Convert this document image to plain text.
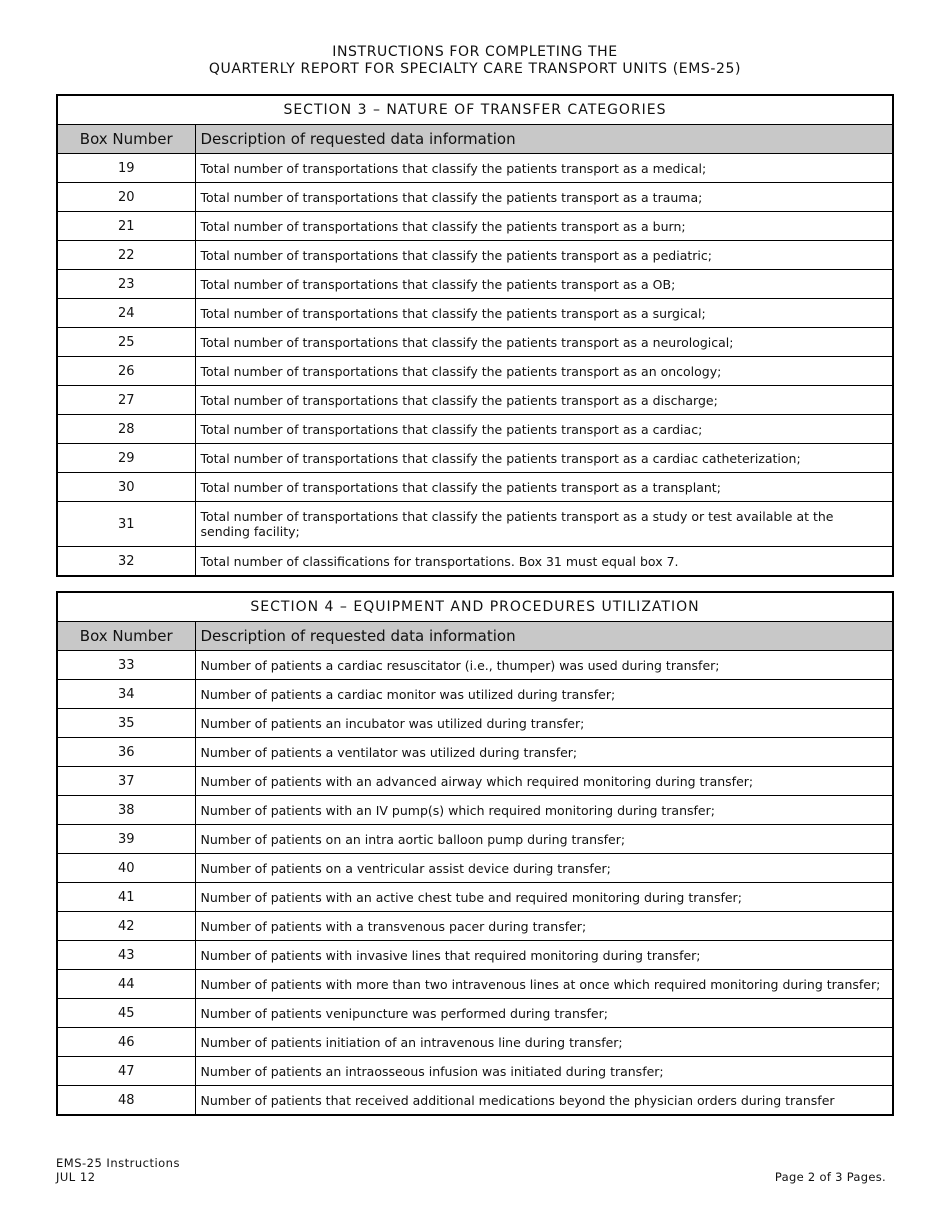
INSTRUCTIONS FOR COMPLETING THE
QUARTERLY REPORT FOR SPECIALTY CARE TRANSPORT UNITS (EMS-25)
SECTION 3 – NATURE OF TRANSFER CATEGORIES	
Box Number	Description of requested data information
19	Total number of transportations that classify the patients transport as a medical;
20	Total number of transportations that classify the patients transport as a trauma;
21	Total number of transportations that classify the patients transport as a burn;
22	Total number of transportations that classify the patients transport as a pediatric;
23	Total number of transportations that classify the patients transport as a OB;
24	Total number of transportations that classify the patients transport as a surgical;
25	Total number of transportations that classify the patients transport as a neurological;
26	Total number of transportations that classify the patients transport as an oncology;
27	Total number of transportations that classify the patients transport as a discharge;
28	Total number of transportations that classify the patients transport as a cardiac;
29	Total number of transportations that classify the patients transport as a cardiac catheterization;
30	Total number of transportations that classify the patients transport as a transplant;
31	Total number of transportations that classify the patients transport as a study or test available at the sending facility;
32	Total number of classifications for transportations. Box 31 must equal box 7.
SECTION 4 – EQUIPMENT AND PROCEDURES UTILIZATION	
Box Number	Description of requested data information
33	Number of patients a cardiac resuscitator (i.e., thumper) was used during transfer;
34	Number of patients a cardiac monitor was utilized during transfer;
35	Number of patients an incubator was utilized during transfer;
36	Number of patients a ventilator was utilized during transfer;
37	Number of patients with an advanced airway which required monitoring during transfer;
38	Number of patients with an IV pump(s) which required monitoring during transfer;
39	Number of patients on an intra aortic balloon pump during transfer;
40	Number of patients on a ventricular assist device during transfer;
41	Number of patients with an active chest tube and required monitoring during transfer;
42	Number of patients with a transvenous pacer during transfer;
43	Number of patients with invasive lines that required monitoring during transfer;
44	Number of patients with more than two intravenous lines at once which required monitoring during transfer;
45	Number of patients venipuncture was performed during transfer;
46	Number of patients initiation of an intravenous line during transfer;
47	Number of patients an intraosseous infusion was initiated during transfer;
48	Number of patients that received additional medications beyond the physician orders during transfer
EMS-25 Instructions
JUL 12	Page 2 of 3 Pages.
